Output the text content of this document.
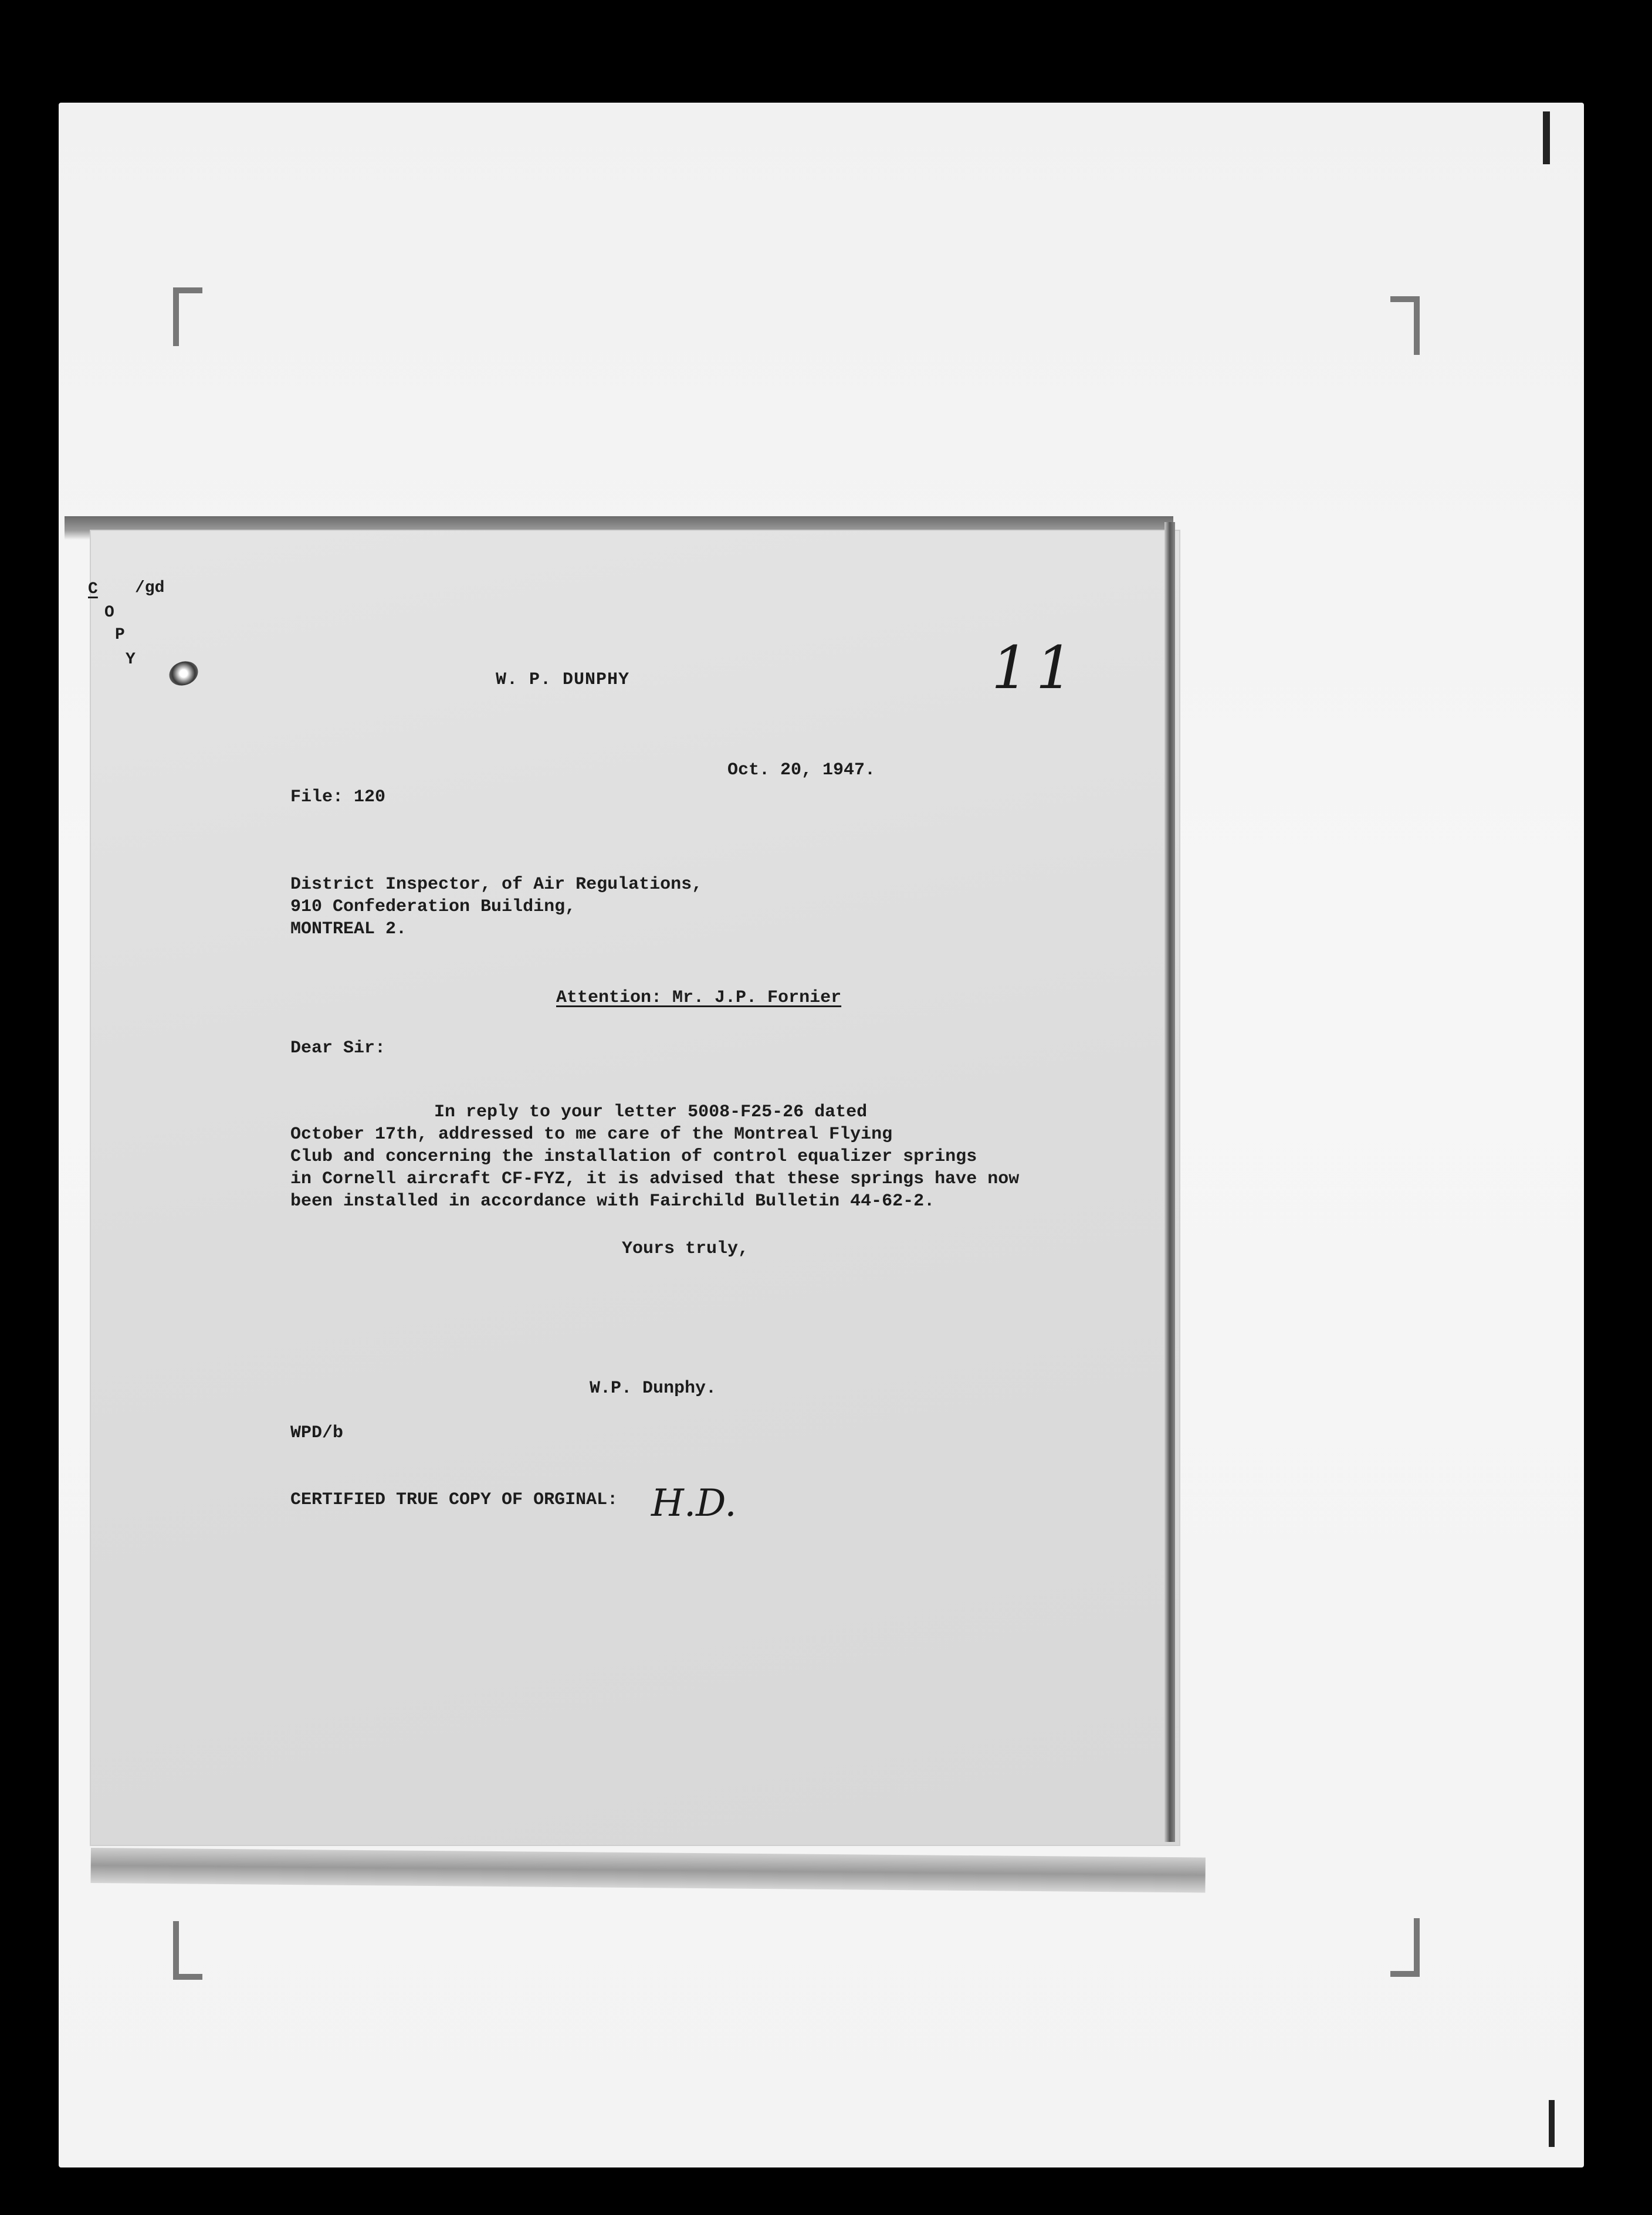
C /gd
O
P
Y	11
W. P. DUNPHY
Oct. 20, 1947.
File: 120
District Inspector, of Air Regulations,
910 Confederation Building,
MONTREAL 2.
Attention: Mr. J.P. Fornier
Dear Sir:
In reply to your letter 5008-F25-26 dated
October 17th, addressed to me care of the Montreal Flying
Club and concerning the installation of control equalizer springs
in Cornell aircraft CF-FYZ, it is advised that these springs have now
been installed in accordance with Fairchild Bulletin 44-62-2.
Yours truly,
W.P. Dunphy.
WPD/b
CERTIFIED TRUE COPY OF ORGINAL: H.D.
